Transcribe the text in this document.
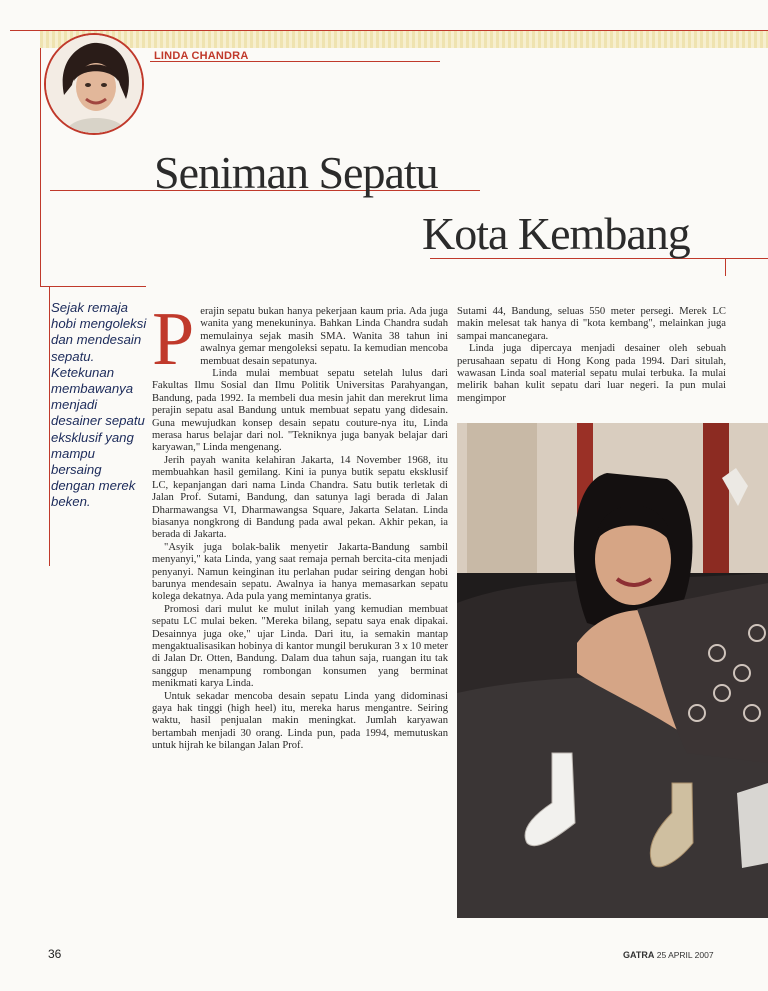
LINDA CHANDRA
Seniman Sepatu
Kota Kembang
Sejak remaja hobi mengoleksi dan mendesain sepatu. Ketekunan membawanya menjadi desainer sepatu eksklusif yang mampu bersaing dengan merek beken.

Perajin sepatu bukan hanya pekerjaan kaum pria. Ada juga wanita yang menekuninya. Bahkan Linda Chandra sudah memulainya sejak masih SMA. Wanita 38 tahun ini awalnya gemar mengoleksi sepatu. Ia kemudian mencoba membuat desain sepatunya.

Linda mulai membuat sepatu setelah lulus dari Fakultas Ilmu Sosial dan Ilmu Politik Universitas Parahyangan, Bandung, pada 1992. Ia membeli dua mesin jahit dan merekrut lima perajin sepatu asal Bandung untuk membuat sepatu yang didesain. Guna mewujudkan konsep desain sepatu couture-nya itu, Linda merasa harus belajar dari nol. "Tekniknya juga banyak belajar dari karyawan," Linda mengenang.

Jerih payah wanita kelahiran Jakarta, 14 November 1968, itu membuahkan hasil gemilang. Kini ia punya butik sepatu eksklusif LC, kepanjangan dari nama Linda Chandra. Satu butik terletak di Jalan Prof. Sutami, Bandung, dan satunya lagi berada di Jalan Dharmawangsa VI, Dharmawangsa Square, Jakarta Selatan. Linda biasanya nongkrong di Bandung pada awal pekan. Akhir pekan, ia berada di Jakarta.

"Asyik juga bolak-balik menyetir Jakarta-Bandung sambil menyanyi," kata Linda, yang saat remaja pernah bercita-cita menjadi penyanyi. Namun keinginan itu perlahan pudar seiring dengan hobi barunya mendesain sepatu. Awalnya ia hanya memasarkan sepatu kolega dekatnya. Ada pula yang memintanya gratis.

Promosi dari mulut ke mulut inilah yang kemudian membuat sepatu LC mulai beken. "Mereka bilang, sepatu saya enak dipakai. Desainnya juga oke," ujar Linda. Dari itu, ia semakin mantap mengaktualisasikan hobinya di kantor mungil berukuran 3 x 10 meter di Jalan Dr. Otten, Bandung. Dalam dua tahun saja, ruangan itu tak sanggup menampung rombongan konsumen yang berminat menikmati karya Linda.

Untuk sekadar mencoba desain sepatu Linda yang didominasi gaya hak tinggi (high heel) itu, mereka harus mengantre. Seiring waktu, hasil penjualan makin meningkat. Jumlah karyawan bertambah menjadi 30 orang. Linda pun, pada 1994, memutuskan untuk hijrah ke bilangan Jalan Prof.

Sutami 44, Bandung, seluas 550 meter persegi. Merek LC makin melesat tak hanya di "kota kembang", melainkan juga sampai mancanegara.

Linda juga dipercaya menjadi desainer oleh sebuah perusahaan sepatu di Hong Kong pada 1994. Dari situlah, wawasan Linda soal material sepatu mulai terbuka. Ia mulai melirik bahan kulit sepatu dari luar negeri. Ia pun mulai mengimpor

36	GATRA 25 APRIL 2007
